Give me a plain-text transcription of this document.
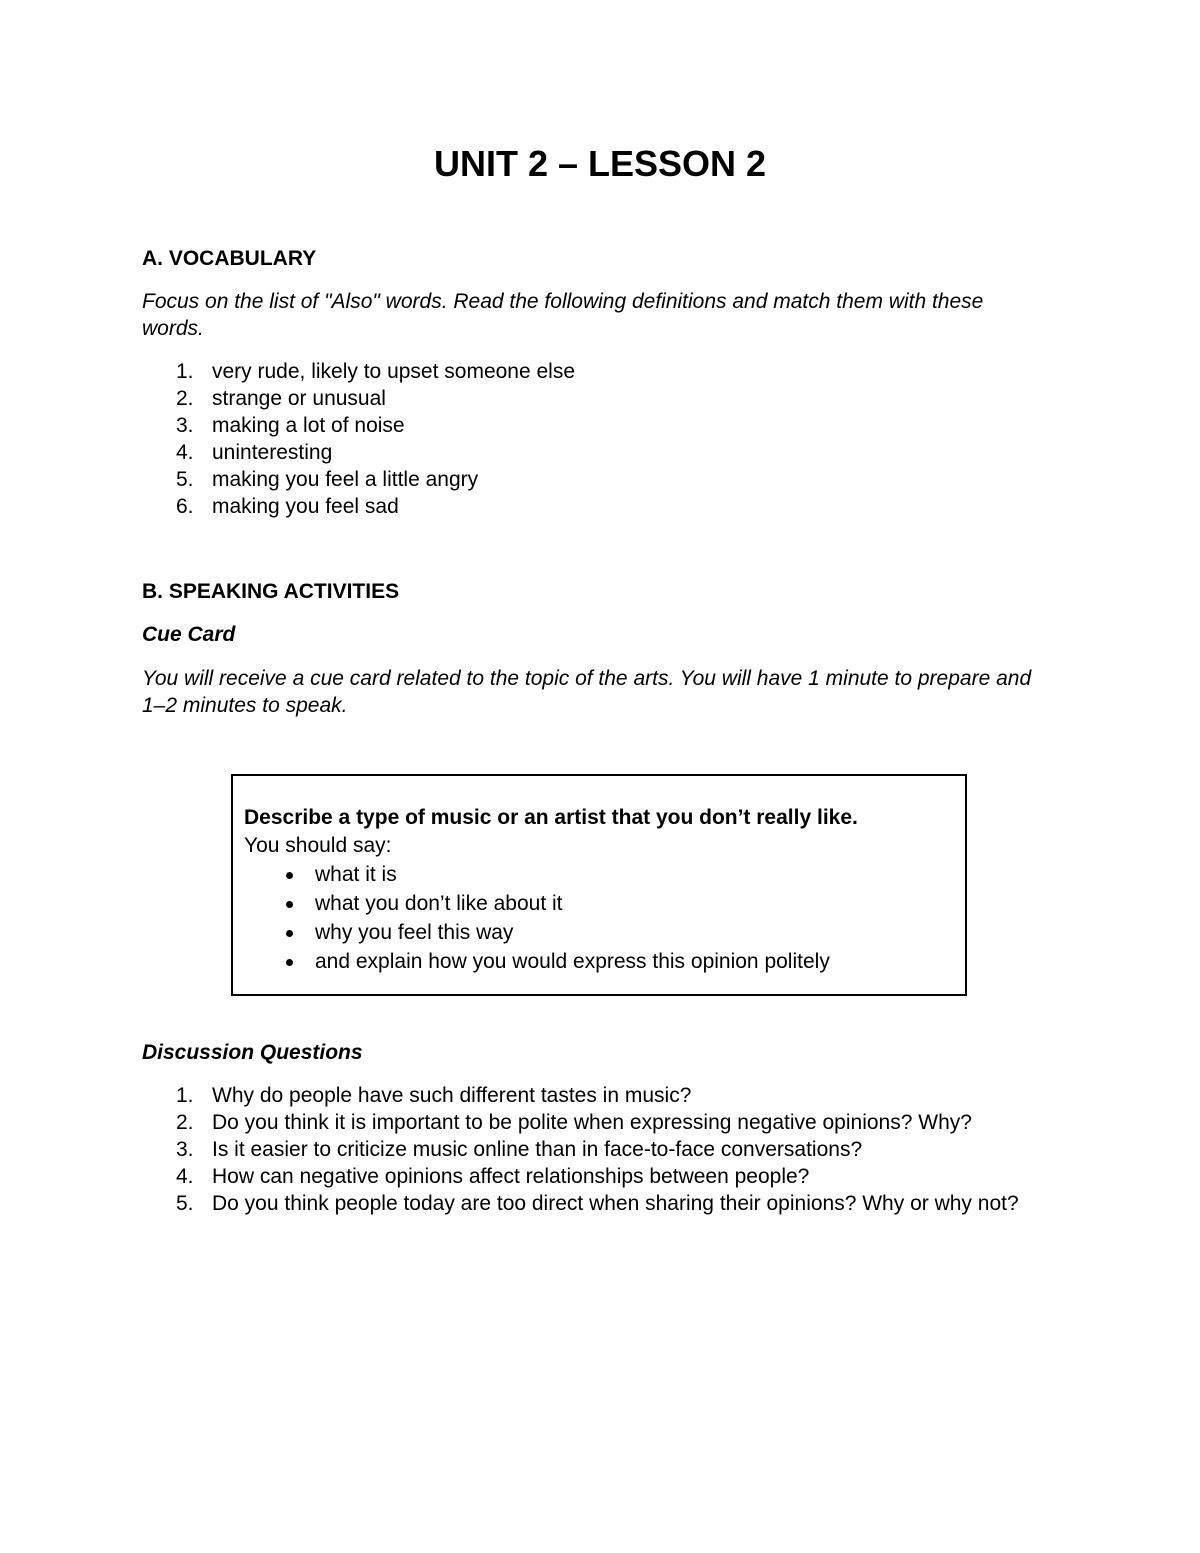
UNIT 2 – LESSON 2
A. VOCABULARY
Focus on the list of "Also" words. Read the following definitions and match them with these words.
1. very rude, likely to upset someone else
2. strange or unusual
3. making a lot of noise
4. uninteresting
5. making you feel a little angry
6. making you feel sad
B. SPEAKING ACTIVITIES
Cue Card
You will receive a cue card related to the topic of the arts. You will have 1 minute to prepare and 1–2 minutes to speak.
Describe a type of music or an artist that you don’t really like.
You should say:
what it is
what you don’t like about it
why you feel this way
and explain how you would express this opinion politely
Discussion Questions
1. Why do people have such different tastes in music?
2. Do you think it is important to be polite when expressing negative opinions? Why?
3. Is it easier to criticize music online than in face-to-face conversations?
4. How can negative opinions affect relationships between people?
5. Do you think people today are too direct when sharing their opinions? Why or why not?
